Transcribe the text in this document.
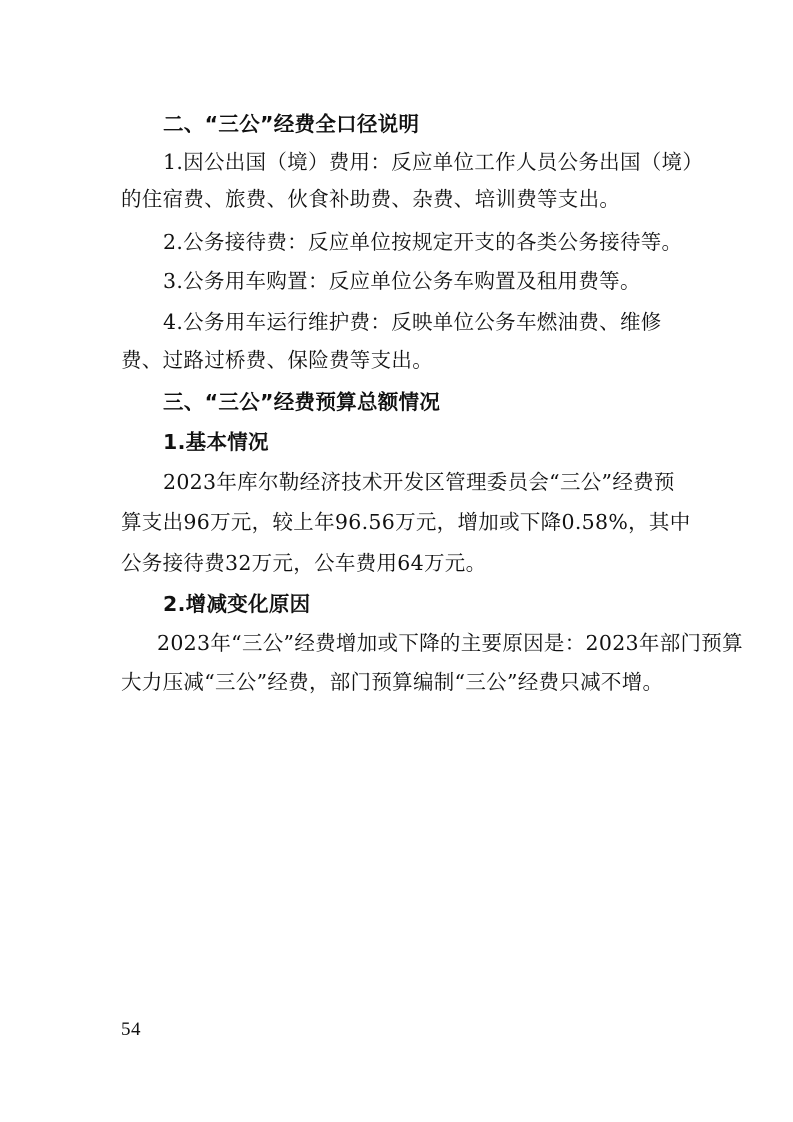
二、“三公”经费全口径说明
1.因公出国（境）费用：反应单位工作人员公务出国（境）
的住宿费、旅费、伙食补助费、杂费、培训费等支出。
2.公务接待费：反应单位按规定开支的各类公务接待等。
3.公务用车购置：反应单位公务车购置及租用费等。
4.公务用车运行维护费：反映单位公务车燃油费、维修
费、过路过桥费、保险费等支出。
三、“三公”经费预算总额情况
1.基本情况
2023年库尔勒经济技术开发区管理委员会“三公”经费预
算支出96万元，较上年96.56万元，增加或下降0.58%，其中
公务接待费32万元，公车费用64万元。
2.增减变化原因
2023年“三公”经费增加或下降的主要原因是：2023年部门预算
大力压减“三公”经费，部门预算编制“三公”经费只减不增。
54
